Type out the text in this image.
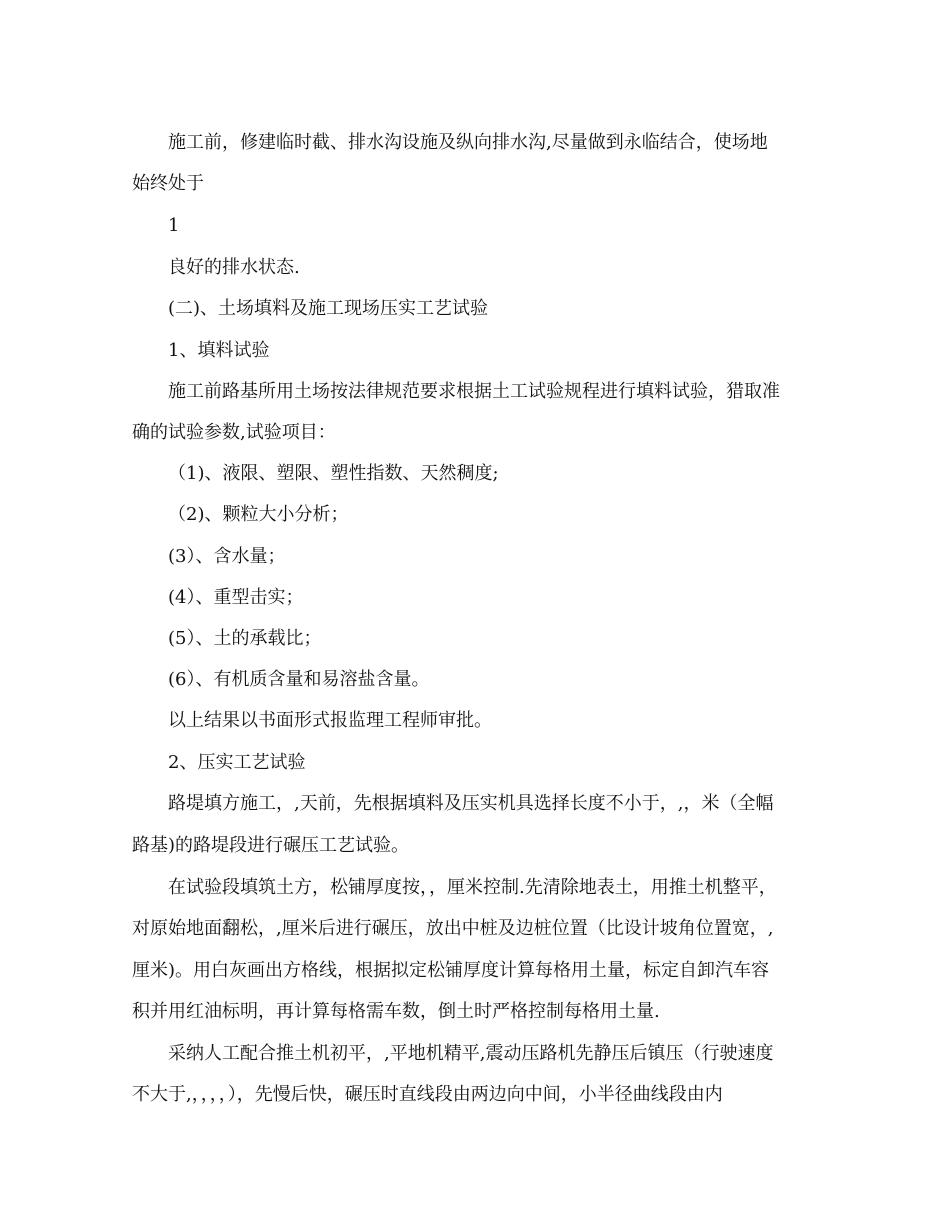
施工前，修建临时截、排水沟设施及纵向排水沟,尽量做到永临结合，使场地

始终处于

1

良好的排水状态.

(二)、土场填料及施工现场压实工艺试验

1、填料试验

施工前路基所用土场按法律规范要求根据土工试验规程进行填料试验，猎取准

确的试验参数,试验项目：

（1)、液限、塑限、塑性指数、天然稠度;

（2)、颗粒大小分析；

(3）、含水量；

(4）、重型击实；

(5）、土的承载比；

(6）、有机质含量和易溶盐含量。

以上结果以书面形式报监理工程师审批。

2、压实工艺试验

路堤填方施工，,天前，先根据填料及压实机具选择长度不小于，,，米（全幅

路基)的路堤段进行碾压工艺试验。

在试验段填筑土方，松铺厚度按，，厘米控制.先清除地表土，用推土机整平，

对原始地面翻松，,厘米后进行碾压，放出中桩及边桩位置（比设计坡角位置宽，,

厘米)。用白灰画出方格线，根据拟定松铺厚度计算每格用土量，标定自卸汽车容

积并用红油标明，再计算每格需车数，倒土时严格控制每格用土量.

采纳人工配合推土机初平，,平地机精平,震动压路机先静压后镇压（行驶速度

不大于,，，，，），先慢后快，碾压时直线段由两边向中间，小半径曲线段由内
